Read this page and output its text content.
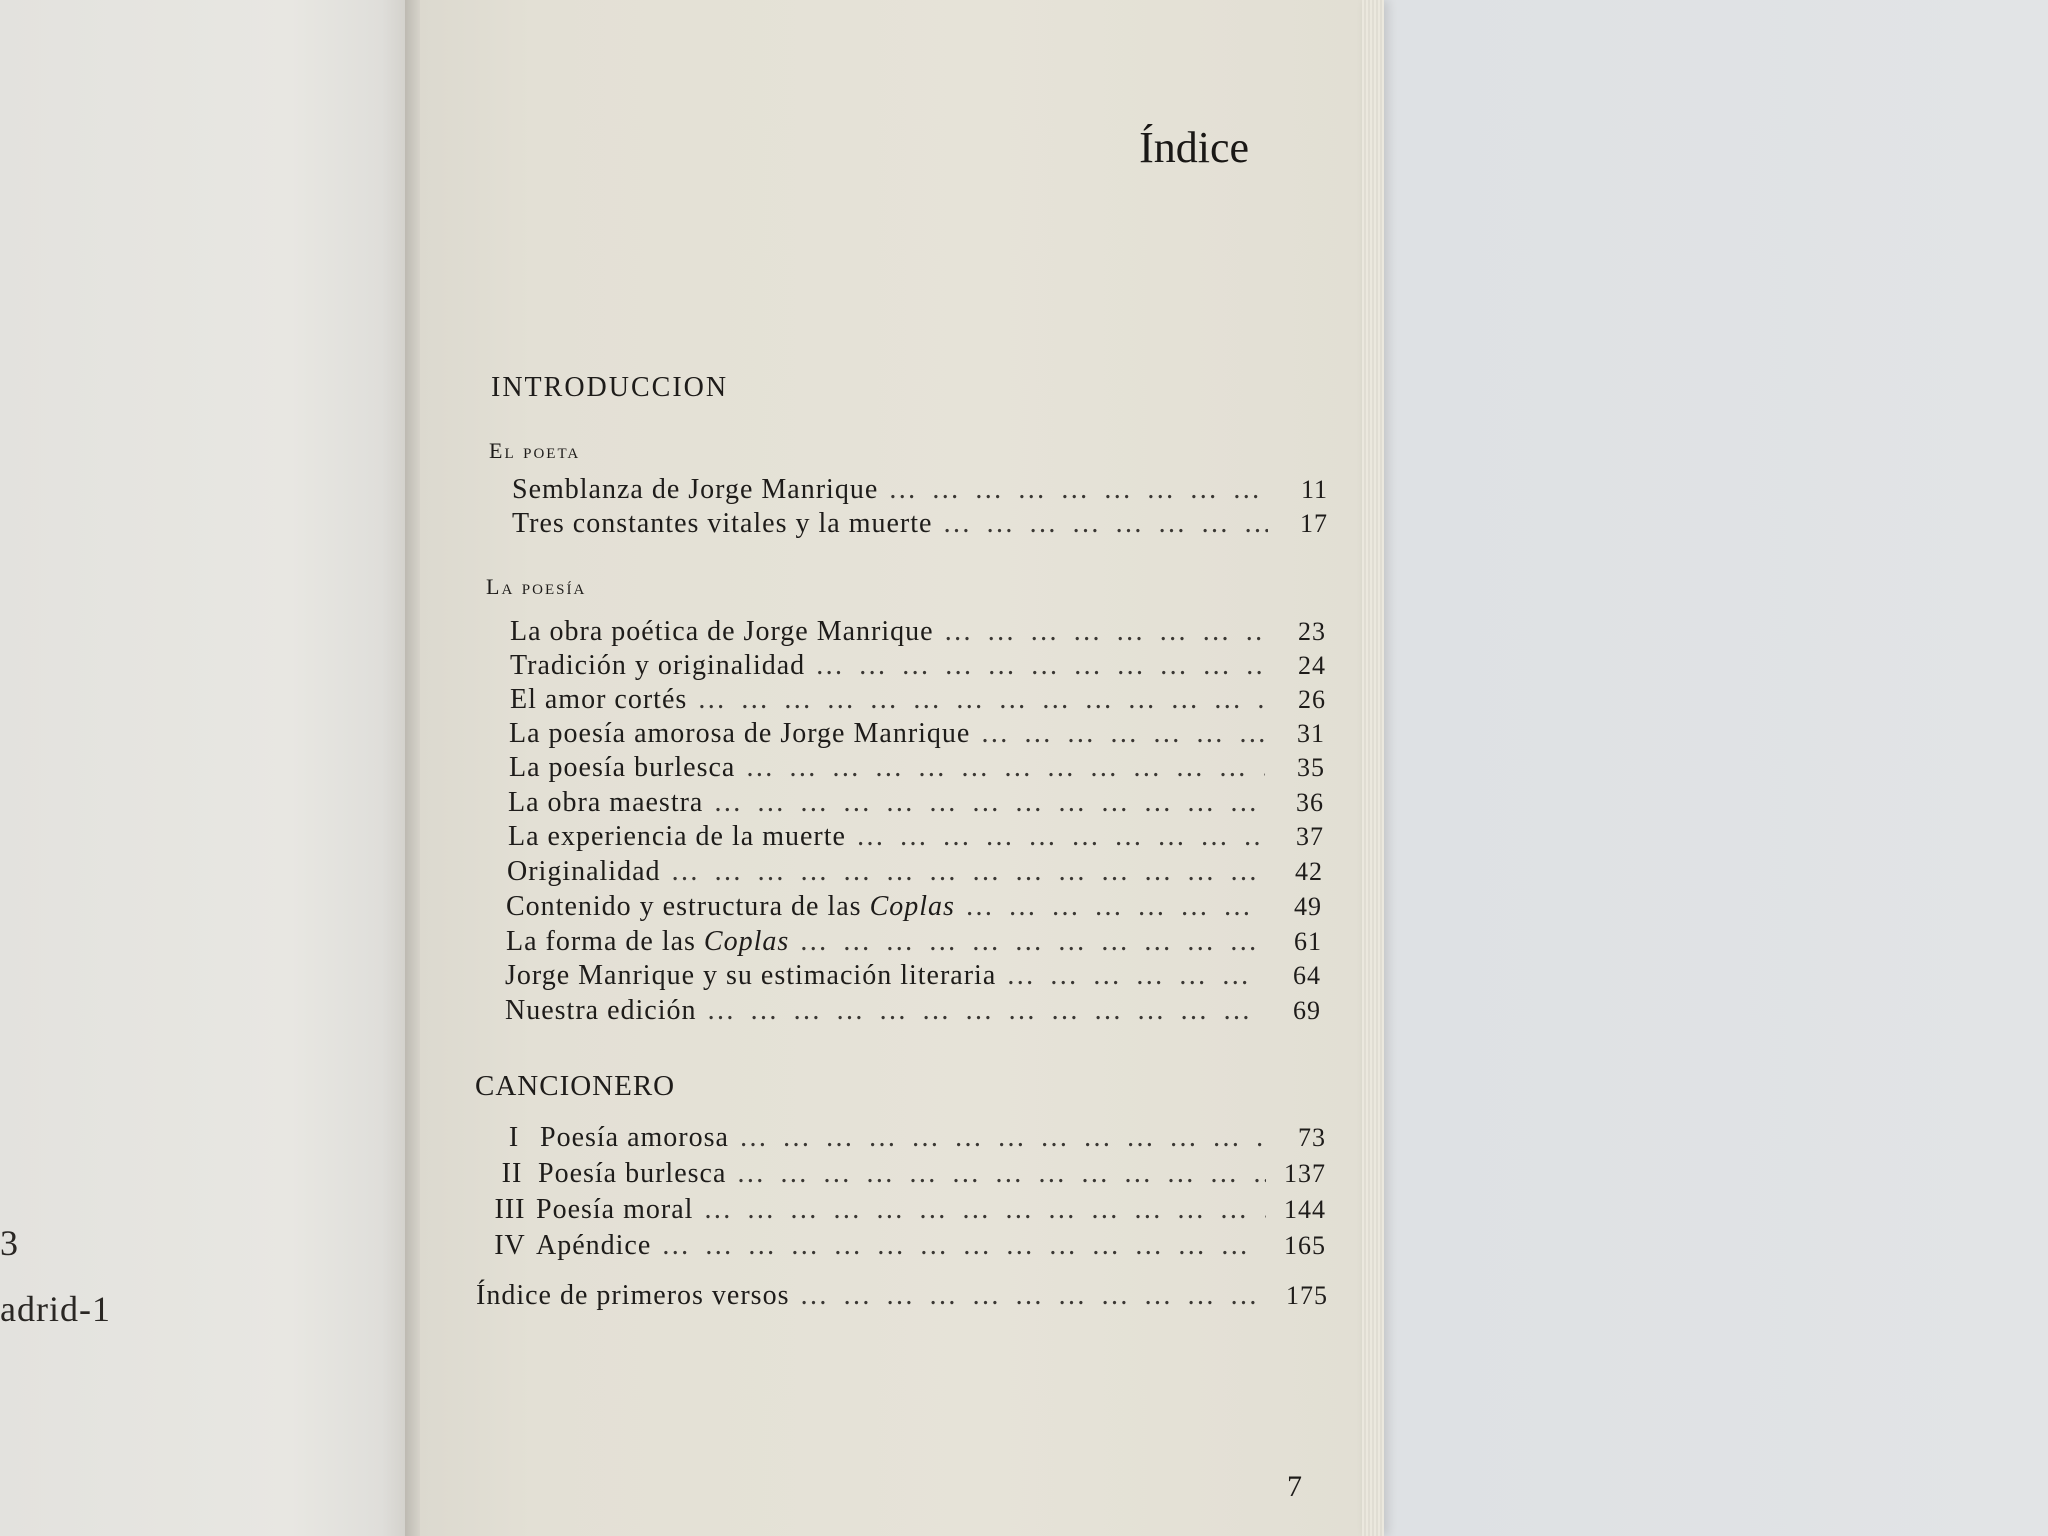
3
adrid-1
Índice
INTRODUCCION
El poeta
Semblanza de Jorge Manrique … … … … … … … … … … … … … … … … … … … … … … … … … … … … … …	11
Tres constantes vitales y la muerte … … … … … … … … … … … … … … … … … … … … … … … … … … … … … …	17
La poesía
La obra poética de Jorge Manrique … … … … … … … … … … … … … … … … … … … … … … … … … … … … … …	23
Tradición y originalidad … … … … … … … … … … … … … … … … … … … … … … … … … … … … … …	24
El amor cortés … … … … … … … … … … … … … … … … … … … … … … … … … … … … … …	26
La poesía amorosa de Jorge Manrique … … … … … … … … … … … … … … … … … … … … … … … … … … … … … …	31
La poesía burlesca … … … … … … … … … … … … … … … … … … … … … … … … … … … … … …	35
La obra maestra … … … … … … … … … … … … … … … … … … … … … … … … … … … … … …	36
La experiencia de la muerte … … … … … … … … … … … … … … … … … … … … … … … … … … … … … …	37
Originalidad … … … … … … … … … … … … … … … … … … … … … … … … … … … … … …	42
Contenido y estructura de las Coplas … … … … … … … … … … … … … … … … … … … … … … … … … … … … … …	49
La forma de las Coplas … … … … … … … … … … … … … … … … … … … … … … … … … … … … … …	61
Jorge Manrique y su estimación literaria … … … … … … … … … … … … … … … … … … … … … … … … … … … … … …	64
Nuestra edición … … … … … … … … … … … … … … … … … … … … … … … … … … … … … …	69
CANCIONERO
I Poesía amorosa … … … … … … … … … … … … … … … … … … … … … … … … … … … … … …	73
II Poesía burlesca … … … … … … … … … … … … … … … … … … … … … … … … … … … … … …	137
III Poesía moral … … … … … … … … … … … … … … … … … … … … … … … … … … … … … …	144
IV Apéndice … … … … … … … … … … … … … … … … … … … … … … … … … … … … … …	165
Índice de primeros versos … … … … … … … … … … … … … … … … … … … … … … … … … … … … … …	175
7
